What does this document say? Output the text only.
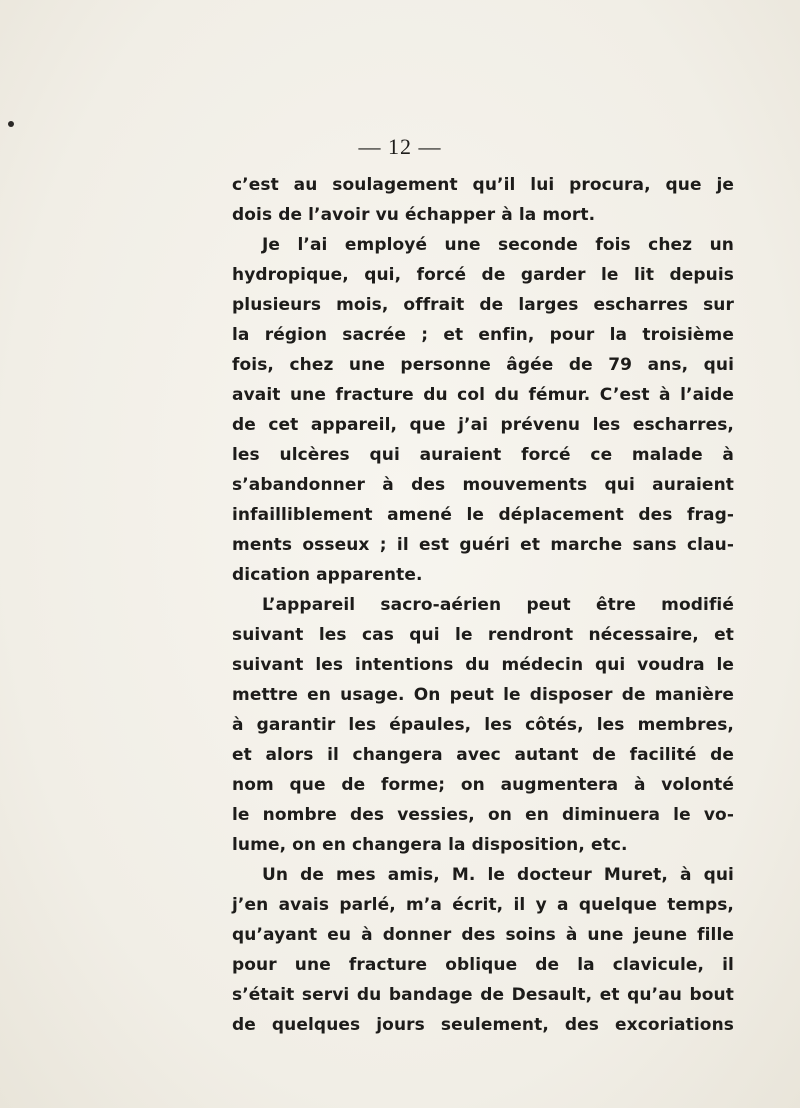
— 12 —
c’est au soulagement qu’il lui procura, que je
dois de l’avoir vu échapper à la mort.
Je l’ai employé une seconde fois chez un
hydropique, qui, forcé de garder le lit depuis
plusieurs mois, offrait de larges escharres sur
la région sacrée ; et enfin, pour la troisième
fois, chez une personne âgée de 79 ans, qui
avait une fracture du col du fémur. C’est à l’aide
de cet appareil, que j’ai prévenu les escharres,
les ulcères qui auraient forcé ce malade à
s’abandonner à des mouvements qui auraient
infailliblement amené le déplacement des frag-
ments osseux ; il est guéri et marche sans clau-
dication apparente.
L’appareil sacro-aérien peut être modifié
suivant les cas qui le rendront nécessaire, et
suivant les intentions du médecin qui voudra le
mettre en usage. On peut le disposer de manière
à garantir les épaules, les côtés, les membres,
et alors il changera avec autant de facilité de
nom que de forme; on augmentera à volonté
le nombre des vessies, on en diminuera le vo-
lume, on en changera la disposition, etc.
Un de mes amis, M. le docteur Muret, à qui
j’en avais parlé, m’a écrit, il y a quelque temps,
qu’ayant eu à donner des soins à une jeune fille
pour une fracture oblique de la clavicule, il
s’était servi du bandage de Desault, et qu’au bout
de quelques jours seulement, des excoriations
